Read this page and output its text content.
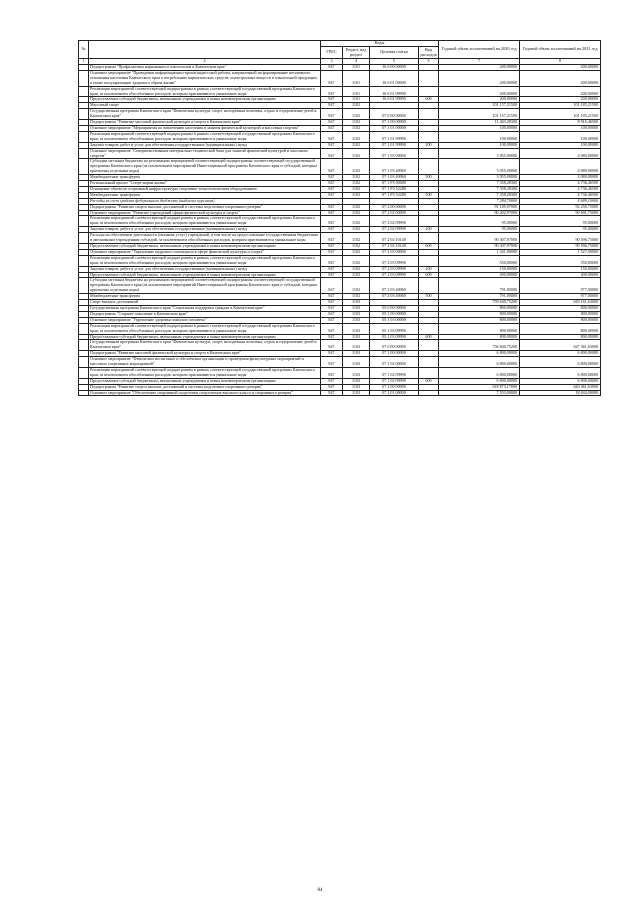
№		Коды				Годовой объем ассигнований на 2020 год	Годовой объем ассигнований на 2021 год
		ГРБС	Раздел, под раздел	Целевая статья	Вид расходов		
1	2	3	4	5	6	7	8
	Подпрограмма "Профилактика наркомании и алкоголизма в Камчатском крае"	847	1101	16 6 00 00000		200,00000	200,00000
	Основное мероприятие "Проведение информационно-пропагандистской работы, направленной на формирование негативного отношения населения Камчатского края к потреблению наркотических средств, психотропных веществ и алкогольной продукции, а также популяризацию здорового образа жизни"	847	1101	16 6 01 00000		200,00000	200,00000
	Реализация мероприятий соответствующей подпрограммы в рамках соответствующей государственной программы Камчатского края, за исключением обособленных расходов, которым присваиваются уникальные коды	847	1101	16 6 01 99990		200,00000	200,00000
	Предоставление субсидий бюджетным, автономным учреждениям и иным некоммерческим организациям	847	1101	16 6 01 99990	600	200,00000	200,00000
	Массовый спорт	847	1102			101 157,21500	101 185,21500
	Государственная программа Камчатского края "Физическая культура, спорт, молодежная политика, отдых и оздоровление детей в Камчатском крае"	847	1102	07 0 00 00000		101 157,21500	101 185,21500
	Подпрограмма "Развитие массовой физической культуры и спорта в Камчатском крае"	847	1102	07 1 00 00000		11 463,28300	8 916,46500
	Основное мероприятие "Мероприятия по вовлечению населения в занятия физической культурой и массовым спортом"	847	1102	07 1 01 00000		100,00000	100,00000
	Реализация мероприятий соответствующей подпрограммы в рамках соответствующей государственной программы Камчатского края, за исключением обособленных расходов, которым присваиваются уникальные коды	847	1102	07 1 01 99990		100,00000	100,00000
	Закупка товаров, работ и услуг для обеспечения государственных (муниципальных) нужд	847	1102	07 1 01 99990	200	100,00000	100,00000
	Основное мероприятие "Совершенствование материально-технической базы для занятий физической культурой и массовым спортом"	847	1102	07 1 03 00000		3 955,00000	4 080,00000
	Субсидии местным бюджетам на реализацию мероприятий соответствующей подпрограммы соответствующей государственной программы Камчатского края (за исключением мероприятий Инвестиционной программы Камчатского края и субсидий, которым присвоены отдельные коды)	847	1102	07 1 03 40060		3 955,00000	4 080,00000
	Межбюджетные трансферты	847	1102	07 1 03 40060	500	3 955,00000	4 080,00000
	Региональный проект "Спорт-норма жизни"	847	1102	07 1 P5 00000		7 358,28300	4 736,46500
	Оснащение объектов спортивной инфраструктуры спортивно-технологическим оборудованием	847	1102	07 1 P5 52280		7 358,28300	4 736,46500
	Межбюджетные трансферты	847	1102	07 1 P5 52280	500	7 358,28300	4 736,46500
	Расходы за счет средств федерального бюджета (выделено курсивом)					7 284,70000	4 689,10000
	Подпрограмма "Развитие спорта высших достижений и системы подготовки спортивного резерва"	847	1102	07 2 00 00000		91 185,97000	92 258,75000
	Основное мероприятие "Развитие учреждений сферы физической культуры и спорта"	847	1102	07 2 02 00000		90 402,97000	90 691,75000
	Реализация мероприятий соответствующей подпрограммы в рамках соответствующей государственной программы Камчатского края, за исключением обособленных расходов, которым присваиваются уникальные коды	847	1102	07 2 02 09990		95,00000	95,00000
	Закупка товаров, работ и услуг для обеспечения государственных (муниципальных) нужд	847	1102	07 2 02 09990	200	95,00000	95,00000
	Расходы на обеспечение деятельности (оказание услуг) учреждений, в том числе на предоставление государственным бюджетным и автономным учреждениям субсидий, за исключением обособленных расходов, которым присваиваются уникальные коды	847	1102	07 2 02 10140		90 307,97000	90 596,75000
	Предоставление субсидий бюджетным, автономным учреждениям и иным некоммерческим организациям	847	1102	07 2 02 10140	600	90 307,97000	90 596,75000
	Основное мероприятие "Укрепление кадрового потенциала в сфере физической культуры и спорта"	847	1102	07 2 03 00000		1 341,00000	1 527,00000
	Реализация мероприятий соответствующей подпрограммы в рамках соответствующей государственной программы Камчатского края, за исключением обособленных расходов, которым присваиваются уникальные коды	847	1102	07 2 03 09990		550,00000	550,00000
	Закупка товаров, работ и услуг для обеспечения государственных (муниципальных) нужд	847	1102	07 2 03 09990	200	150,00000	150,00000
	Предоставление субсидий бюджетным, автономным учреждениям и иным некоммерческим организациям	847	1102	07 2 03 09990	600	400,00000	400,00000
	Субсидии местным бюджетам на реализацию мероприятий соответствующей подпрограммы соответствующей государственной программы Камчатского края (за исключением мероприятий Инвестиционной программы Камчатского края и субсидий, которым присвоены отдельные коды)	847	1102	07 2 03 40060		791,00000	977,00000
	Межбюджетные трансферты	847	1102	07 2 03 40060	500	791,00000	977,00000
	Спорт высших достижений	847	1103			759 640,75200	629 161,63000
	Государственная программа Камчатского края "Социальная поддержка граждан в Камчатском крае"	847	1103	05 0 00 00000		800,00000	800,00000
	Подпрограмма "Старшее поколение в Камчатском крае"	847	1103	05 1 00 00000		800,00000	800,00000
	Основное мероприятие "Укрепление здоровья пожилого человека"	847	1103	05 1 03 00000		800,00000	800,00000
	Реализация мероприятий соответствующей подпрограммы в рамках соответствующей государственной программы Камчатского края, за исключением обособленных расходов, которым присваиваются уникальные коды	847	1103	05 1 03 09990		800,00000	800,00000
	Предоставление субсидий бюджетным, автономным учреждениям и иным некоммерческим организациям	847	1103	05 1 03 09990	600	800,00000	800,00000
	Государственная программа Камчатского края "Физическая культура, спорт, молодежная политика, отдых и оздоровление детей в Камчатском крае"	847	1103	07 0 00 00000		756 840,75200	627 361,63000
	Подпрограмма "Развитие массовой физической культуры и спорта в Камчатском крае"	847	1103	07 1 00 00000		6 800,00000	6 800,00000
	Основное мероприятие "Физическое воспитание и обеспечение организации и проведения физкультурных мероприятий и массовых спортивных мероприятий"	847	1103	07 1 02 00000		6 800,00000	6 800,00000
	Реализация мероприятий соответствующей подпрограммы в рамках соответствующей государственной программы Камчатского края, за исключением обособленных расходов, которым присваиваются уникальные коды	847	1103	07 1 02 09990		6 800,00000	6 800,00000
	Предоставление субсидий бюджетным, автономным учреждениям и иным некоммерческим организациям	847	1103	07 1 02 09990	600	6 800,00000	6 800,00000
	Подпрограмма "Развитие спорта высших достижений и системы подготовки спортивного резерва"	847	1103	07 2 00 00000		618 873,17000	620 461,63000
	Основное мероприятие "Обеспечение спортивной подготовки спортсменов высокого класса и спортивного резерва"	847	1103	07 2 01 00000		7 553,00000	18 844,00000
84
